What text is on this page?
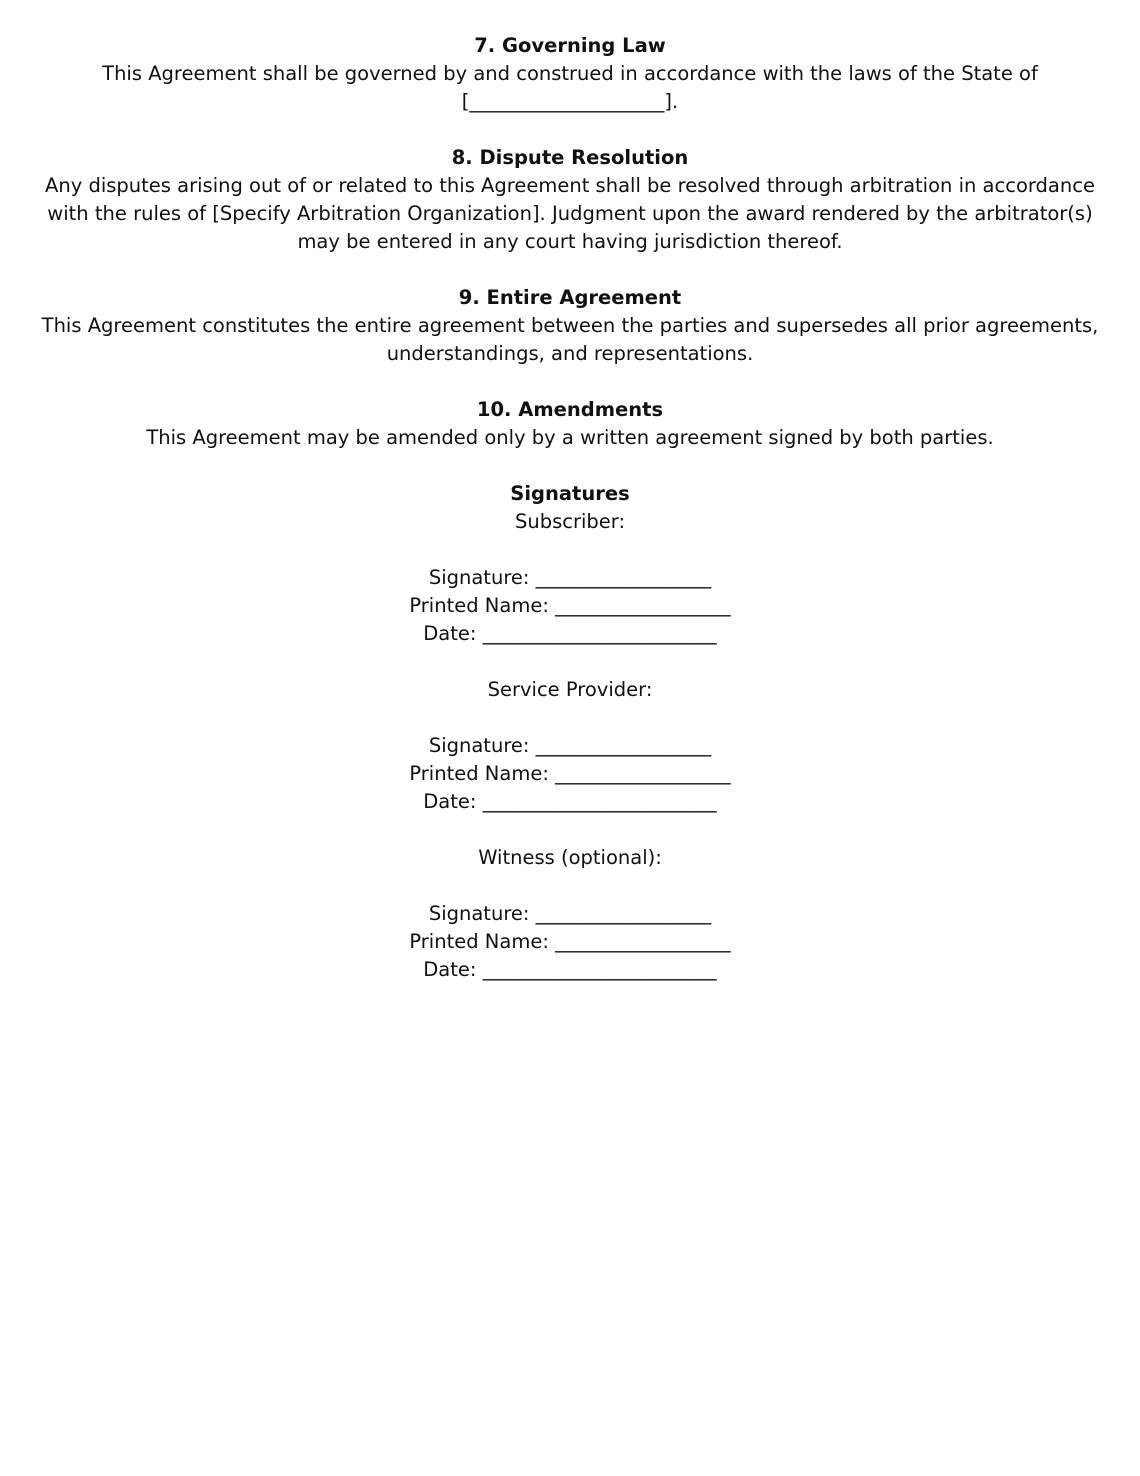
7. Governing Law

This Agreement shall be governed by and construed in accordance with the laws of the State of [____________________].

8. Dispute Resolution

Any disputes arising out of or related to this Agreement shall be resolved through arbitration in accordance with the rules of [Specify Arbitration Organization]. Judgment upon the award rendered by the arbitrator(s) may be entered in any court having jurisdiction thereof.

9. Entire Agreement

This Agreement constitutes the entire agreement between the parties and supersedes all prior agreements, understandings, and representations.

10. Amendments

This Agreement may be amended only by a written agreement signed by both parties.

Signatures

Subscriber:

Signature: __________________

Printed Name: __________________

Date: ________________________

Service Provider:

Signature: __________________

Printed Name: __________________

Date: ________________________

Witness (optional):

Signature: __________________

Printed Name: __________________

Date: ________________________
